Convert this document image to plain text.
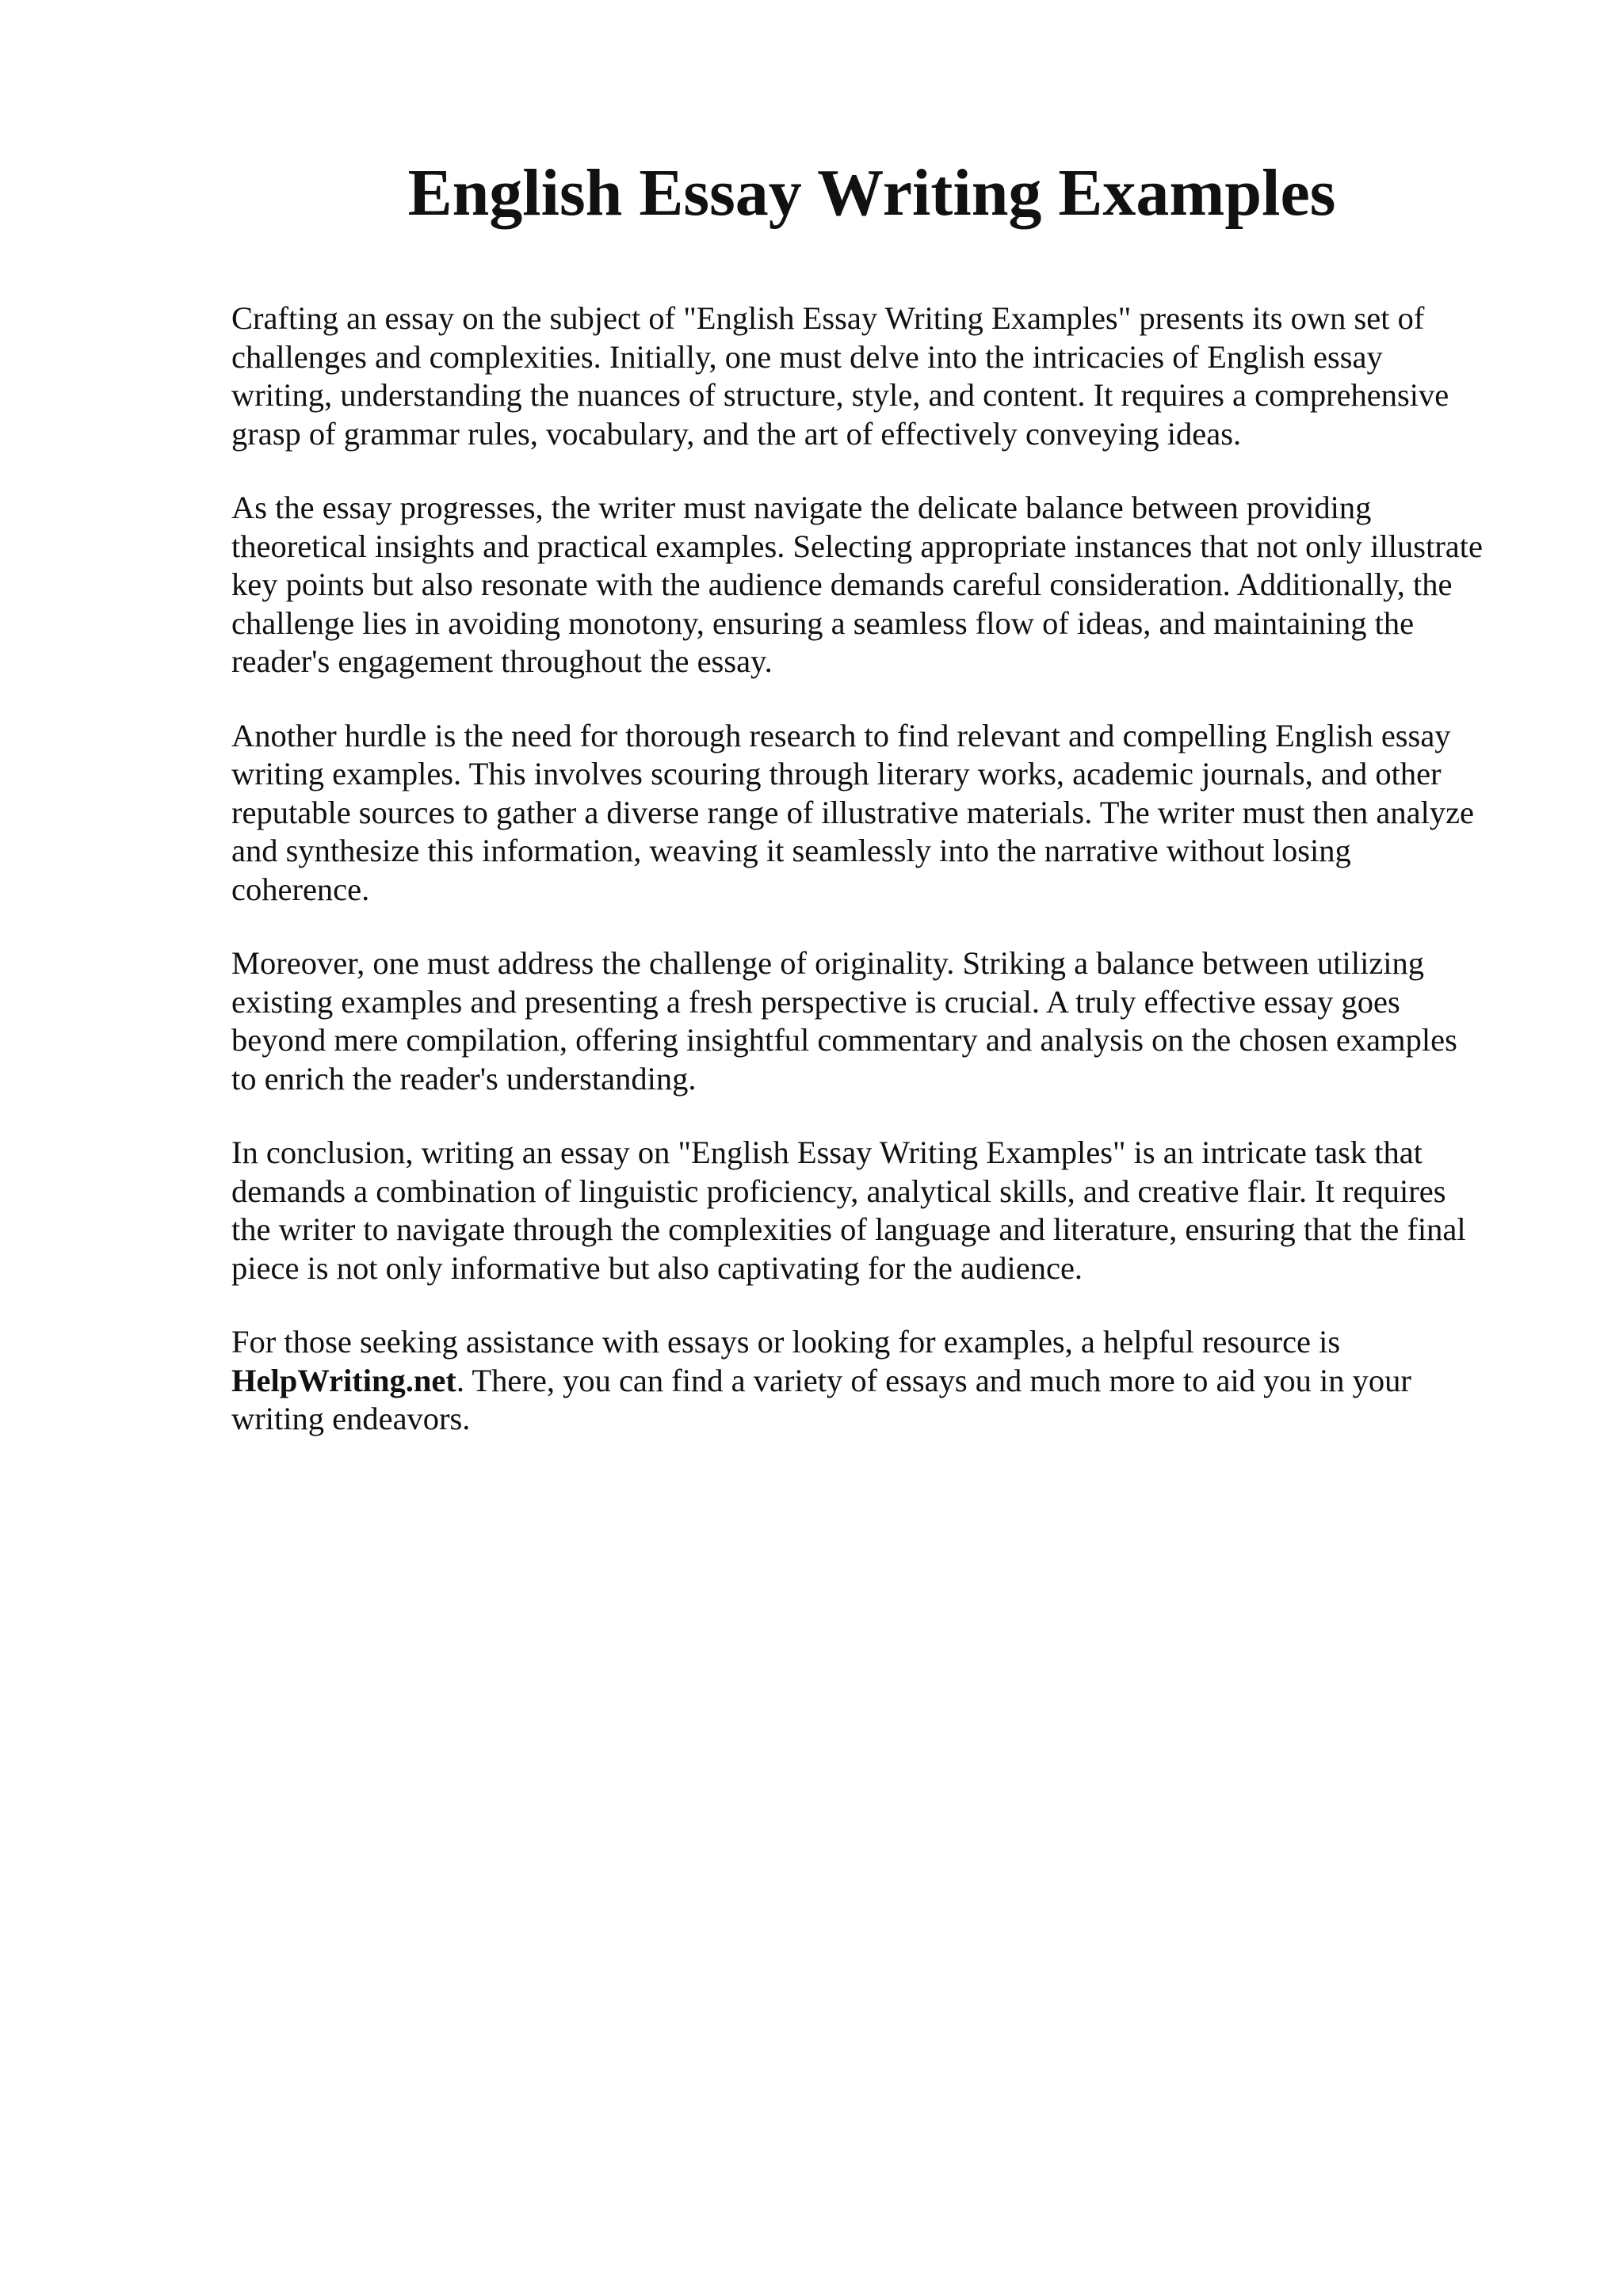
English Essay Writing Examples

Crafting an essay on the subject of "English Essay Writing Examples" presents its own set of
challenges and complexities. Initially, one must delve into the intricacies of English essay
writing, understanding the nuances of structure, style, and content. It requires a comprehensive
grasp of grammar rules, vocabulary, and the art of effectively conveying ideas.

As the essay progresses, the writer must navigate the delicate balance between providing
theoretical insights and practical examples. Selecting appropriate instances that not only illustrate
key points but also resonate with the audience demands careful consideration. Additionally, the
challenge lies in avoiding monotony, ensuring a seamless flow of ideas, and maintaining the
reader's engagement throughout the essay.

Another hurdle is the need for thorough research to find relevant and compelling English essay
writing examples. This involves scouring through literary works, academic journals, and other
reputable sources to gather a diverse range of illustrative materials. The writer must then analyze
and synthesize this information, weaving it seamlessly into the narrative without losing
coherence.

Moreover, one must address the challenge of originality. Striking a balance between utilizing
existing examples and presenting a fresh perspective is crucial. A truly effective essay goes
beyond mere compilation, offering insightful commentary and analysis on the chosen examples
to enrich the reader's understanding.

In conclusion, writing an essay on "English Essay Writing Examples" is an intricate task that
demands a combination of linguistic proficiency, analytical skills, and creative flair. It requires
the writer to navigate through the complexities of language and literature, ensuring that the final
piece is not only informative but also captivating for the audience.

For those seeking assistance with essays or looking for examples, a helpful resource is
HelpWriting.net. There, you can find a variety of essays and much more to aid you in your
writing endeavors.
